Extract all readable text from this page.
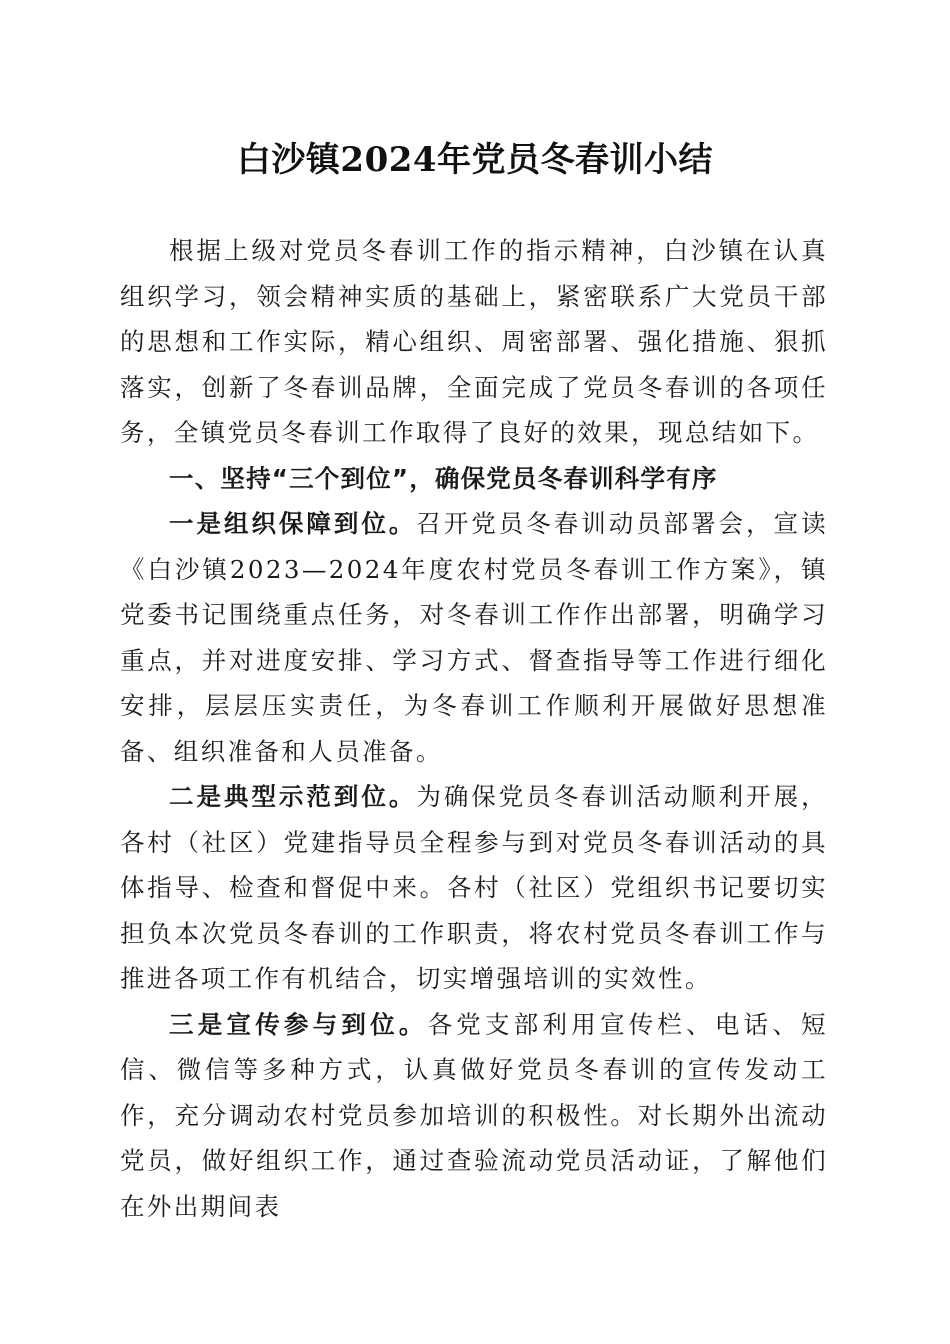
白沙镇2024年党员冬春训小结

根据上级对党员冬春训工作的指示精神，白沙镇在认真组织学习，领会精神实质的基础上，紧密联系广大党员干部的思想和工作实际，精心组织、周密部署、强化措施、狠抓落实，创新了冬春训品牌，全面完成了党员冬春训的各项任务，全镇党员冬春训工作取得了良好的效果，现总结如下。

一、坚持“三个到位”，确保党员冬春训科学有序

一是组织保障到位。召开党员冬春训动员部署会，宣读《白沙镇2023—2024年度农村党员冬春训工作方案》，镇党委书记围绕重点任务，对冬春训工作作出部署，明确学习重点，并对进度安排、学习方式、督查指导等工作进行细化安排，层层压实责任，为冬春训工作顺利开展做好思想准备、组织准备和人员准备。

二是典型示范到位。为确保党员冬春训活动顺利开展，各村（社区）党建指导员全程参与到对党员冬春训活动的具体指导、检查和督促中来。各村（社区）党组织书记要切实担负本次党员冬春训的工作职责，将农村党员冬春训工作与推进各项工作有机结合，切实增强培训的实效性。

三是宣传参与到位。各党支部利用宣传栏、电话、短信、微信等多种方式，认真做好党员冬春训的宣传发动工作，充分调动农村党员参加培训的积极性。对长期外出流动党员，做好组织工作，通过查验流动党员活动证，了解他们在外出期间表
